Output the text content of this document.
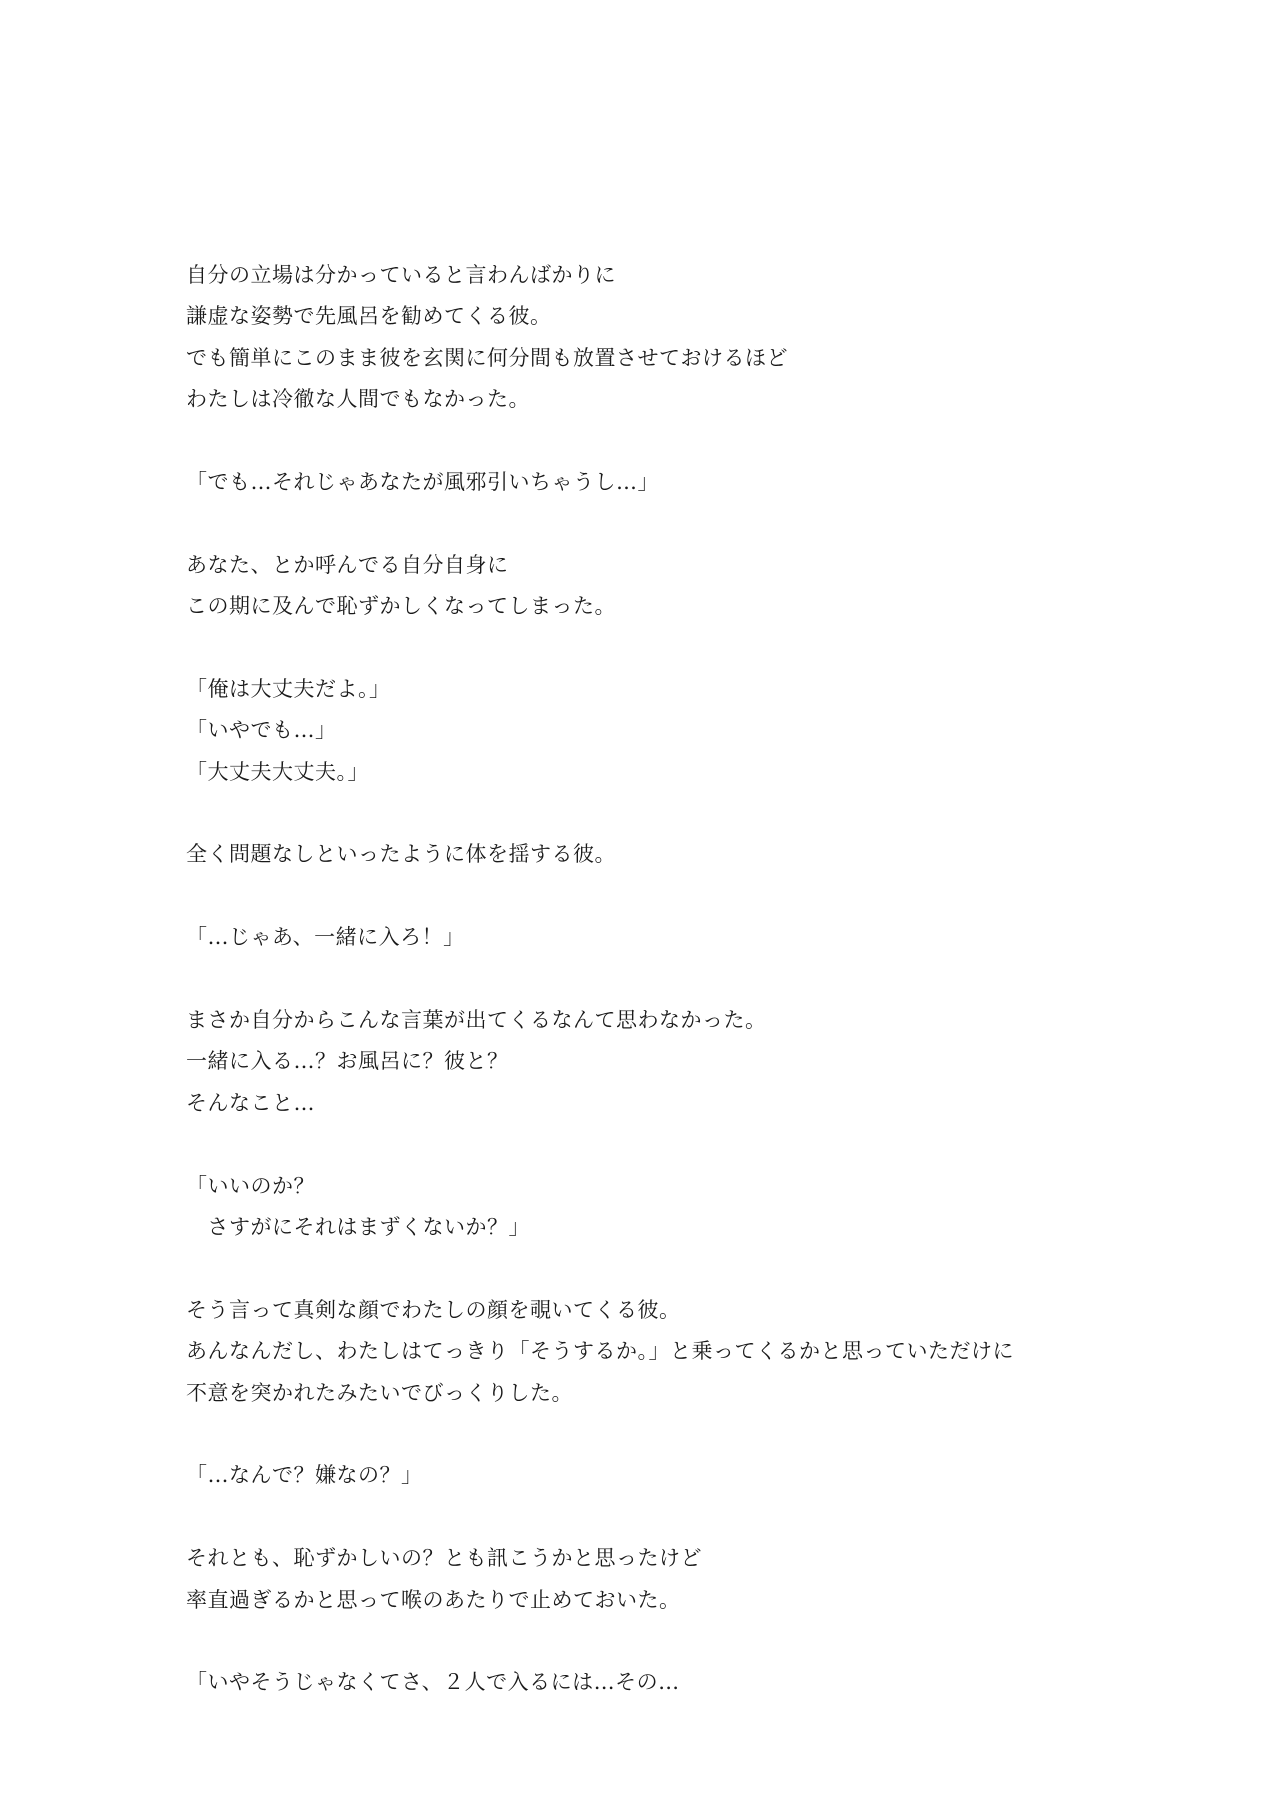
自分の立場は分かっていると言わんばかりに
謙虚な姿勢で先風呂を勧めてくる彼。
でも簡単にこのまま彼を玄関に何分間も放置させておけるほど
わたしは冷徹な人間でもなかった。
「でも…それじゃあなたが風邪引いちゃうし…」
あなた、とか呼んでる自分自身に
この期に及んで恥ずかしくなってしまった。
「俺は大丈夫だよ。」
「いやでも…」
「大丈夫大丈夫。」
全く問題なしといったように体を揺する彼。
「…じゃあ、一緒に入ろ！」
まさか自分からこんな言葉が出てくるなんて思わなかった。
一緒に入る…？お風呂に？彼と？
そんなこと…
「いいのか？
　さすがにそれはまずくないか？」
そう言って真剣な顔でわたしの顔を覗いてくる彼。
あんなんだし、わたしはてっきり「そうするか。」と乗ってくるかと思っていただけに
不意を突かれたみたいでびっくりした。
「…なんで？嫌なの？」
それとも、恥ずかしいの？とも訊こうかと思ったけど
率直過ぎるかと思って喉のあたりで止めておいた。
「いやそうじゃなくてさ、２人で入るには…その…
